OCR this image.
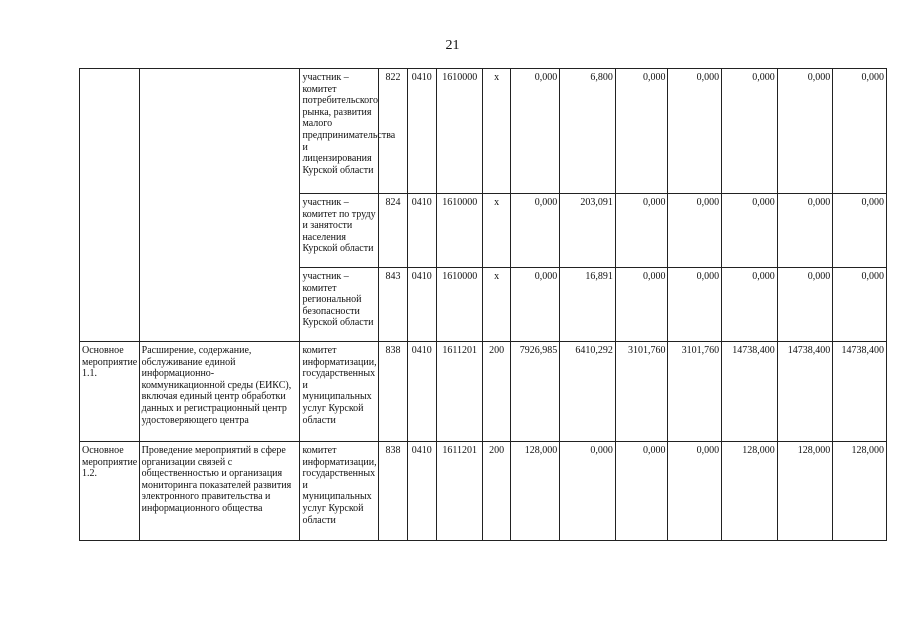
21
		участник – комитет потребительского рынка, развития малого предпринимательства и лицензирования Курской области	822	0410	1610000	х	0,000	6,800	0,000	0,000	0,000	0,000	0,000
		участник – комитет по труду и занятости населения Курской области	824	0410	1610000	х	0,000	203,091	0,000	0,000	0,000	0,000	0,000
		участник – комитет региональной безопасности Курской области	843	0410	1610000	х	0,000	16,891	0,000	0,000	0,000	0,000	0,000
Основное мероприятие 1.1.	Расширение, содержание, обслуживание единой информационно-коммуникационной среды (ЕИКС), включая единый центр обработки данных и регистрационный центр удостоверяющего центра	комитет информатизации, государственных и муниципальных услуг Курской области	838	0410	1611201	200	7926,985	6410,292	3101,760	3101,760	14738,400	14738,400	14738,400
Основное мероприятие 1.2.	Проведение мероприятий в сфере организации связей с общественностью и организация мониторинга показателей развития электронного правительства и информационного общества	комитет информатизации, государственных и муниципальных услуг Курской области	838	0410	1611201	200	128,000	0,000	0,000	0,000	128,000	128,000	128,000
